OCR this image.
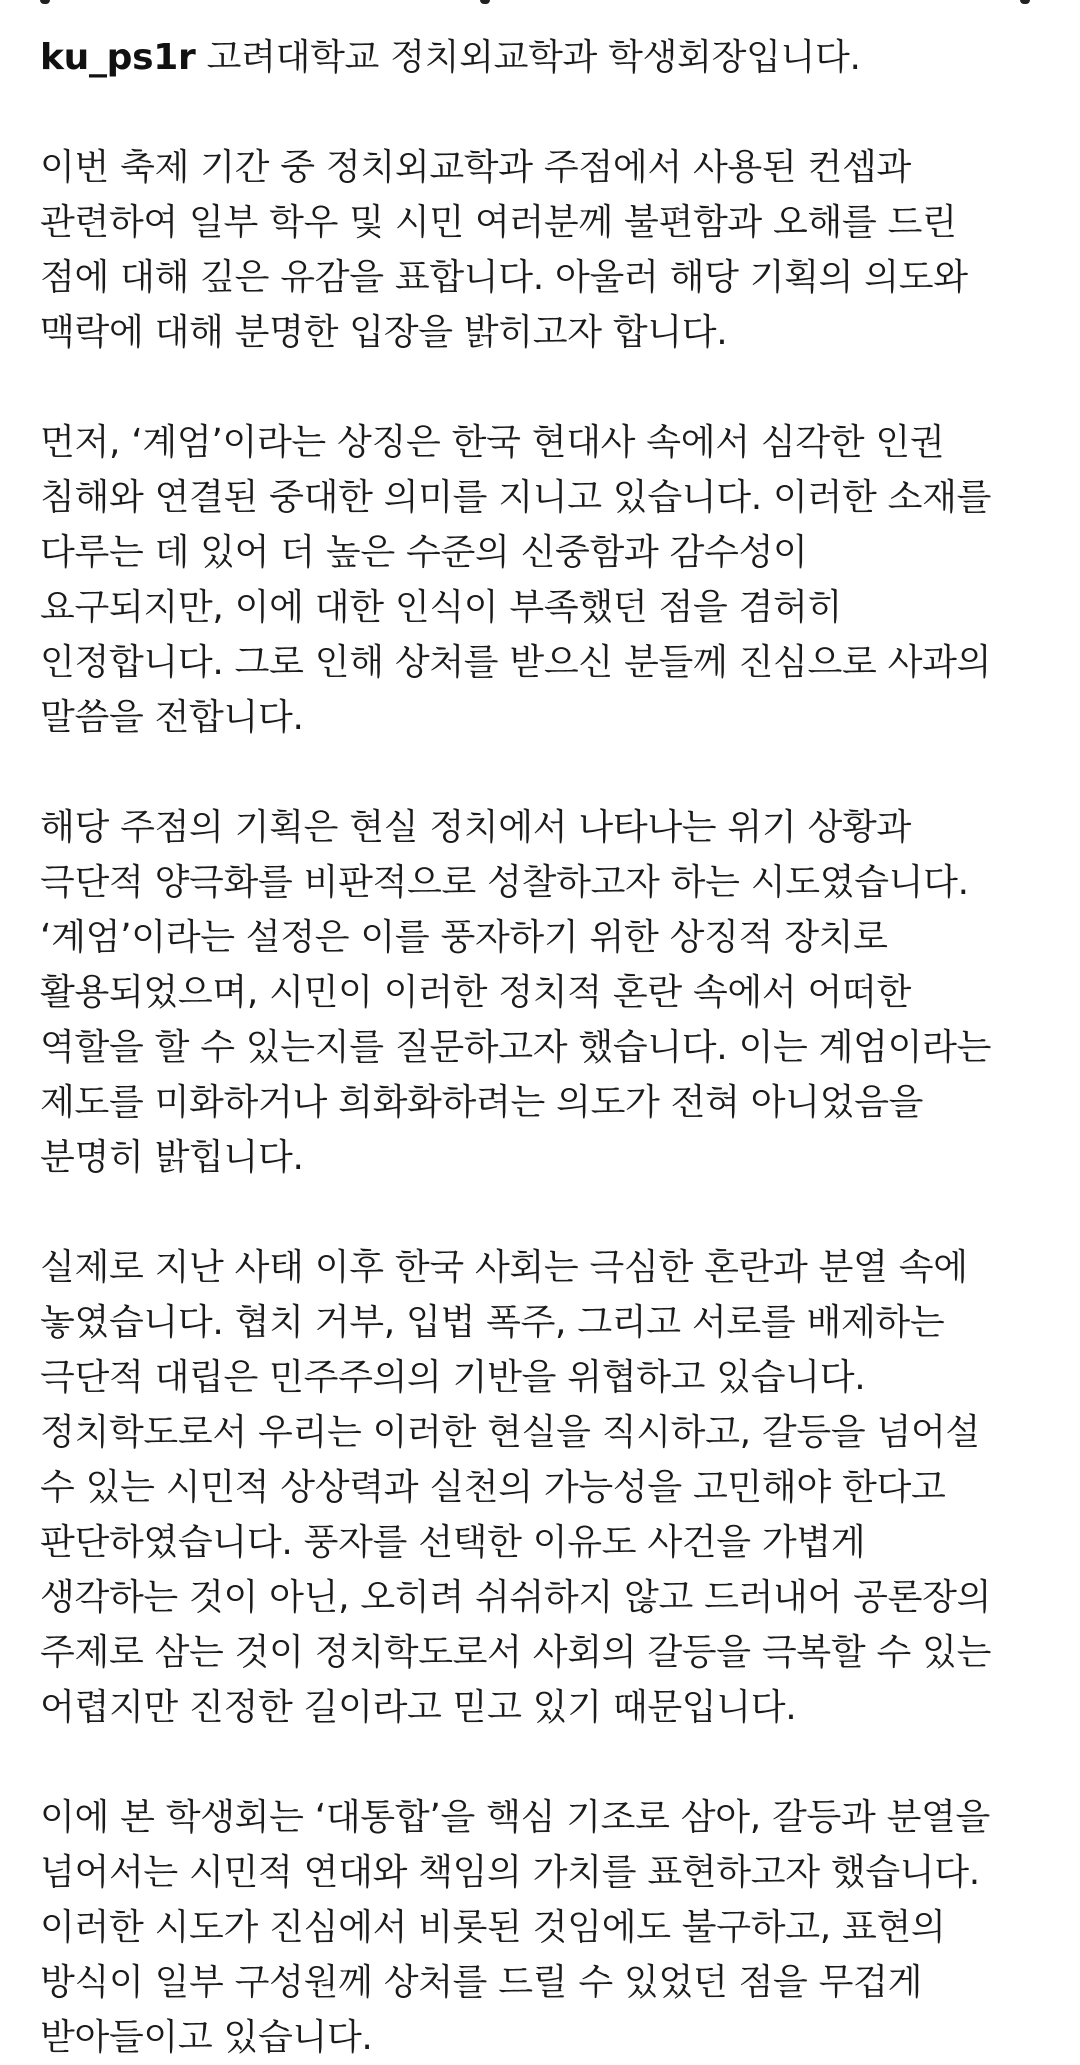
ku_ps1r 고려대학교 정치외교학과 학생회장입니다.
이번 축제 기간 중 정치외교학과 주점에서 사용된 컨셉과
관련하여 일부 학우 및 시민 여러분께 불편함과 오해를 드린
점에 대해 깊은 유감을 표합니다. 아울러 해당 기획의 의도와
맥락에 대해 분명한 입장을 밝히고자 합니다.
먼저, ‘계엄’이라는 상징은 한국 현대사 속에서 심각한 인권
침해와 연결된 중대한 의미를 지니고 있습니다. 이러한 소재를
다루는 데 있어 더 높은 수준의 신중함과 감수성이
요구되지만, 이에 대한 인식이 부족했던 점을 겸허히
인정합니다. 그로 인해 상처를 받으신 분들께 진심으로 사과의
말씀을 전합니다.
해당 주점의 기획은 현실 정치에서 나타나는 위기 상황과
극단적 양극화를 비판적으로 성찰하고자 하는 시도였습니다.
‘계엄’이라는 설정은 이를 풍자하기 위한 상징적 장치로
활용되었으며, 시민이 이러한 정치적 혼란 속에서 어떠한
역할을 할 수 있는지를 질문하고자 했습니다. 이는 계엄이라는
제도를 미화하거나 희화화하려는 의도가 전혀 아니었음을
분명히 밝힙니다.
실제로 지난 사태 이후 한국 사회는 극심한 혼란과 분열 속에
놓였습니다. 협치 거부, 입법 폭주, 그리고 서로를 배제하는
극단적 대립은 민주주의의 기반을 위협하고 있습니다.
정치학도로서 우리는 이러한 현실을 직시하고, 갈등을 넘어설
수 있는 시민적 상상력과 실천의 가능성을 고민해야 한다고
판단하였습니다. 풍자를 선택한 이유도 사건을 가볍게
생각하는 것이 아닌, 오히려 쉬쉬하지 않고 드러내어 공론장의
주제로 삼는 것이 정치학도로서 사회의 갈등을 극복할 수 있는
어렵지만 진정한 길이라고 믿고 있기 때문입니다.
이에 본 학생회는 ‘대통합’을 핵심 기조로 삼아, 갈등과 분열을
넘어서는 시민적 연대와 책임의 가치를 표현하고자 했습니다.
이러한 시도가 진심에서 비롯된 것임에도 불구하고, 표현의
방식이 일부 구성원께 상처를 드릴 수 있었던 점을 무겁게
받아들이고 있습니다.
